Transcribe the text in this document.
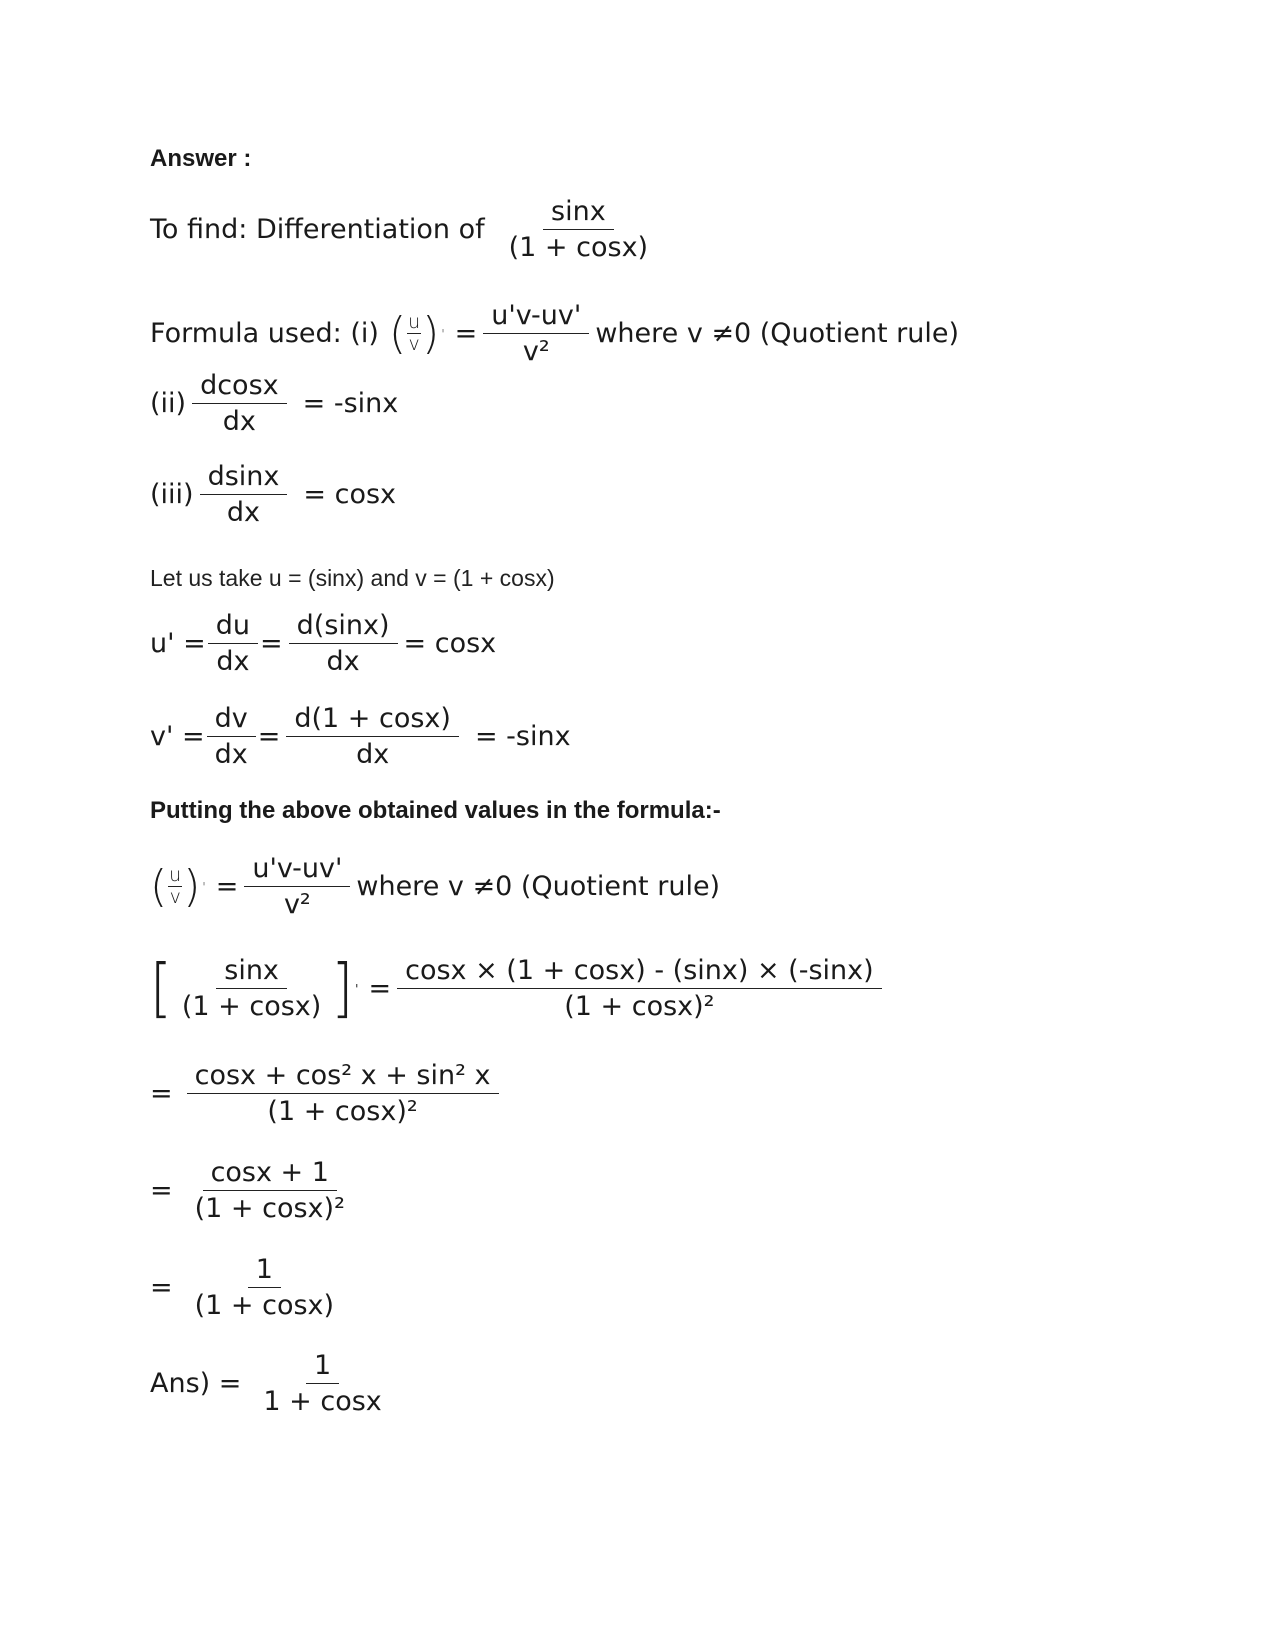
Answer :
To find: Differentiation of $\frac{\sin x}{(1 + \cos x)}$
Formula used: (i) ( u
v ) ' = $\frac{u'v-uv'}{\text{v²}}$ where v ≠0 (Quotient rule)
$(ii) \frac{dcosx}{dx} = -\sin x$
$(iii) \frac{dsinx}{dx} = \cos x$
Let us take u = (sinx) and v = (1 + cosx)
$u' = \frac{du}{dx} = \frac{d(\sin x)}{dx} = \cos x$
$v' = \frac{dv}{dx} = \frac{d(1 + \cos x)}{dx} = -\sin x$
Putting the above obtained values in the formula:-
( u
v ) ' = $\frac{u'v-uv'}{\text{v²}}$ where v ≠0 (Quotient rule)
[ $\frac{\sin x}{(1 + \cos x)}$ ] ' = $\frac{\cos x \times (1 + \cos x) - (\sin x) \times (-\sin x)}{\text{(1 + cosx)²}}$
= $\frac{\text{cosx + cos² x + sin² x}}{\text{(1 + cosx)²}}$
= $\frac{\cos x + 1}{\text{(1 + cosx)²}}$
= $\frac{1}{(1 + \cos x)}$
$Ans) = \frac{1}{1 + \cos x}$
